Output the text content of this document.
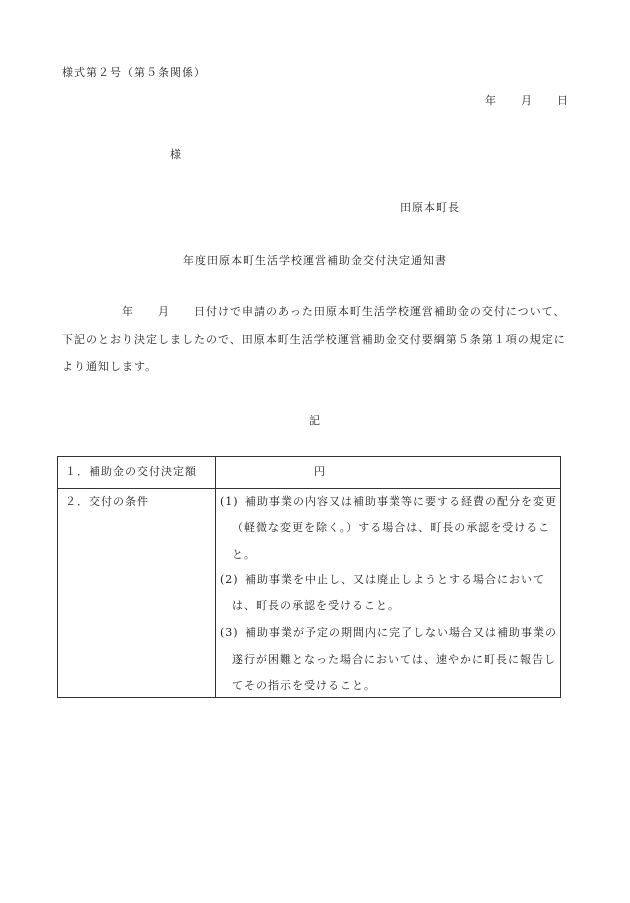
様式第２号（第５条関係）
年　　月　　日
様
田原本町長
年度田原本町生活学校運営補助金交付決定通知書
年　　月　　日付けで申請のあった田原本町生活学校運営補助金の交付について、
下記のとおり決定しましたので、田原本町生活学校運営補助金交付要綱第５条第１項の規定に
より通知します。
記
１．補助金の交付決定額	円
２．交付の条件	(1) 補助事業の内容又は補助事業等に要する経費の配分を変更
（軽微な変更を除く。）する場合は、町長の承認を受けるこ
と。
(2) 補助事業を中止し、又は廃止しようとする場合において
は、町長の承認を受けること。
(3) 補助事業が予定の期間内に完了しない場合又は補助事業の
遂行が困難となった場合においては、速やかに町長に報告し
てその指示を受けること。
